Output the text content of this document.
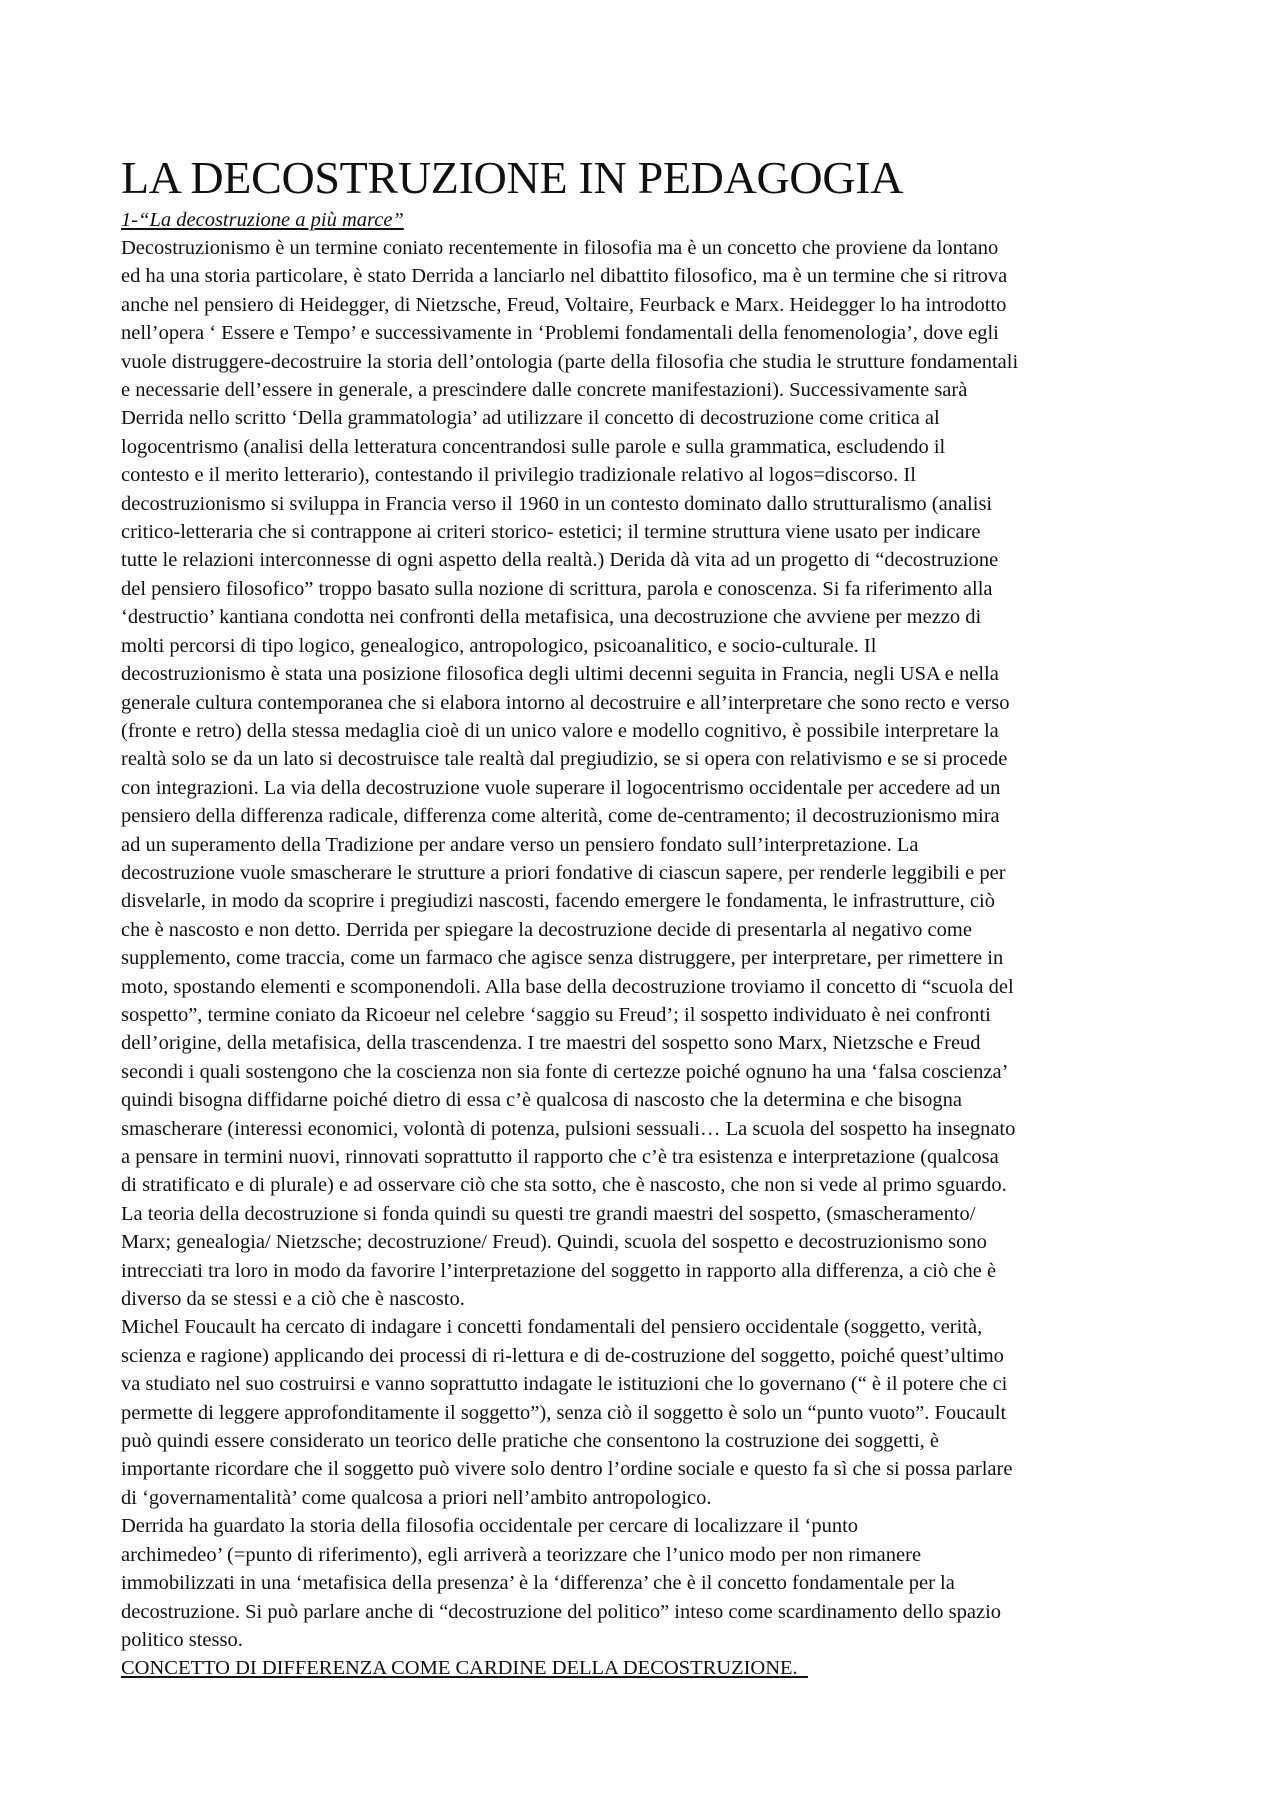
LA DECOSTRUZIONE IN PEDAGOGIA

1-“La decostruzione a più marce”

Decostruzionismo è un termine coniato recentemente in filosofia ma è un concetto che proviene da lontano
ed ha una storia particolare, è stato Derrida a lanciarlo nel dibattito filosofico, ma è un termine che si ritrova
anche nel pensiero di Heidegger, di Nietzsche, Freud, Voltaire, Feurback e Marx. Heidegger lo ha introdotto
nell’opera ‘ Essere e Tempo’ e successivamente in ‘Problemi fondamentali della fenomenologia’, dove egli
vuole distruggere-decostruire la storia dell’ontologia (parte della filosofia che studia le strutture fondamentali
e necessarie dell’essere in generale, a prescindere dalle concrete manifestazioni). Successivamente sarà
Derrida nello scritto ‘Della grammatologia’ ad utilizzare il concetto di decostruzione come critica al
logocentrismo (analisi della letteratura concentrandosi sulle parole e sulla grammatica, escludendo il
contesto e il merito letterario), contestando il privilegio tradizionale relativo al logos=discorso. Il
decostruzionismo si sviluppa in Francia verso il 1960 in un contesto dominato dallo strutturalismo (analisi
critico-letteraria che si contrappone ai criteri storico- estetici; il termine struttura viene usato per indicare
tutte le relazioni interconnesse di ogni aspetto della realtà.) Derida dà vita ad un progetto di “decostruzione
del pensiero filosofico” troppo basato sulla nozione di scrittura, parola e conoscenza. Si fa riferimento alla
‘destructio’ kantiana condotta nei confronti della metafisica, una decostruzione che avviene per mezzo di
molti percorsi di tipo logico, genealogico, antropologico, psicoanalitico, e socio-culturale. Il
decostruzionismo è stata una posizione filosofica degli ultimi decenni seguita in Francia, negli USA e nella
generale cultura contemporanea che si elabora intorno al decostruire e all’interpretare che sono recto e verso
(fronte e retro) della stessa medaglia cioè di un unico valore e modello cognitivo, è possibile interpretare la
realtà solo se da un lato si decostruisce tale realtà dal pregiudizio, se si opera con relativismo e se si procede
con integrazioni. La via della decostruzione vuole superare il logocentrismo occidentale per accedere ad un
pensiero della differenza radicale, differenza come alterità, come de-centramento; il decostruzionismo mira
ad un superamento della Tradizione per andare verso un pensiero fondato sull’interpretazione. La
decostruzione vuole smascherare le strutture a priori fondative di ciascun sapere, per renderle leggibili e per
disvelarle, in modo da scoprire i pregiudizi nascosti, facendo emergere le fondamenta, le infrastrutture, ciò
che è nascosto e non detto. Derrida per spiegare la decostruzione decide di presentarla al negativo come
supplemento, come traccia, come un farmaco che agisce senza distruggere, per interpretare, per rimettere in
moto, spostando elementi e scomponendoli. Alla base della decostruzione troviamo il concetto di “scuola del
sospetto”, termine coniato da Ricoeur nel celebre ‘saggio su Freud’; il sospetto individuato è nei confronti
dell’origine, della metafisica, della trascendenza. I tre maestri del sospetto sono Marx, Nietzsche e Freud
secondi i quali sostengono che la coscienza non sia fonte di certezze poiché ognuno ha una ‘falsa coscienza’
quindi bisogna diffidarne poiché dietro di essa c’è qualcosa di nascosto che la determina e che bisogna
smascherare (interessi economici, volontà di potenza, pulsioni sessuali… La scuola del sospetto ha insegnato
a pensare in termini nuovi, rinnovati soprattutto il rapporto che c’è tra esistenza e interpretazione (qualcosa
di stratificato e di plurale) e ad osservare ciò che sta sotto, che è nascosto, che non si vede al primo sguardo.
La teoria della decostruzione si fonda quindi su questi tre grandi maestri del sospetto, (smascheramento/
Marx; genealogia/ Nietzsche; decostruzione/ Freud). Quindi, scuola del sospetto e decostruzionismo sono
intrecciati tra loro in modo da favorire l’interpretazione del soggetto in rapporto alla differenza, a ciò che è
diverso da se stessi e a ciò che è nascosto.

Michel Foucault ha cercato di indagare i concetti fondamentali del pensiero occidentale (soggetto, verità,
scienza e ragione) applicando dei processi di ri-lettura e di de-costruzione del soggetto, poiché quest’ultimo
va studiato nel suo costruirsi e vanno soprattutto indagate le istituzioni che lo governano (“ è il potere che ci
permette di leggere approfonditamente il soggetto”), senza ciò il soggetto è solo un “punto vuoto”. Foucault
può quindi essere considerato un teorico delle pratiche che consentono la costruzione dei soggetti, è
importante ricordare che il soggetto può vivere solo dentro l’ordine sociale e questo fa sì che si possa parlare
di ‘governamentalità’ come qualcosa a priori nell’ambito antropologico.

Derrida ha guardato la storia della filosofia occidentale per cercare di localizzare il ‘punto
archimedeo’ (=punto di riferimento), egli arriverà a teorizzare che l’unico modo per non rimanere
immobilizzati in una ‘metafisica della presenza’ è la ‘differenza’ che è il concetto fondamentale per la
decostruzione. Si può parlare anche di “decostruzione del politico” inteso come scardinamento dello spazio
politico stesso.

CONCETTO DI DIFFERENZA COME CARDINE DELLA DECOSTRUZIONE.
